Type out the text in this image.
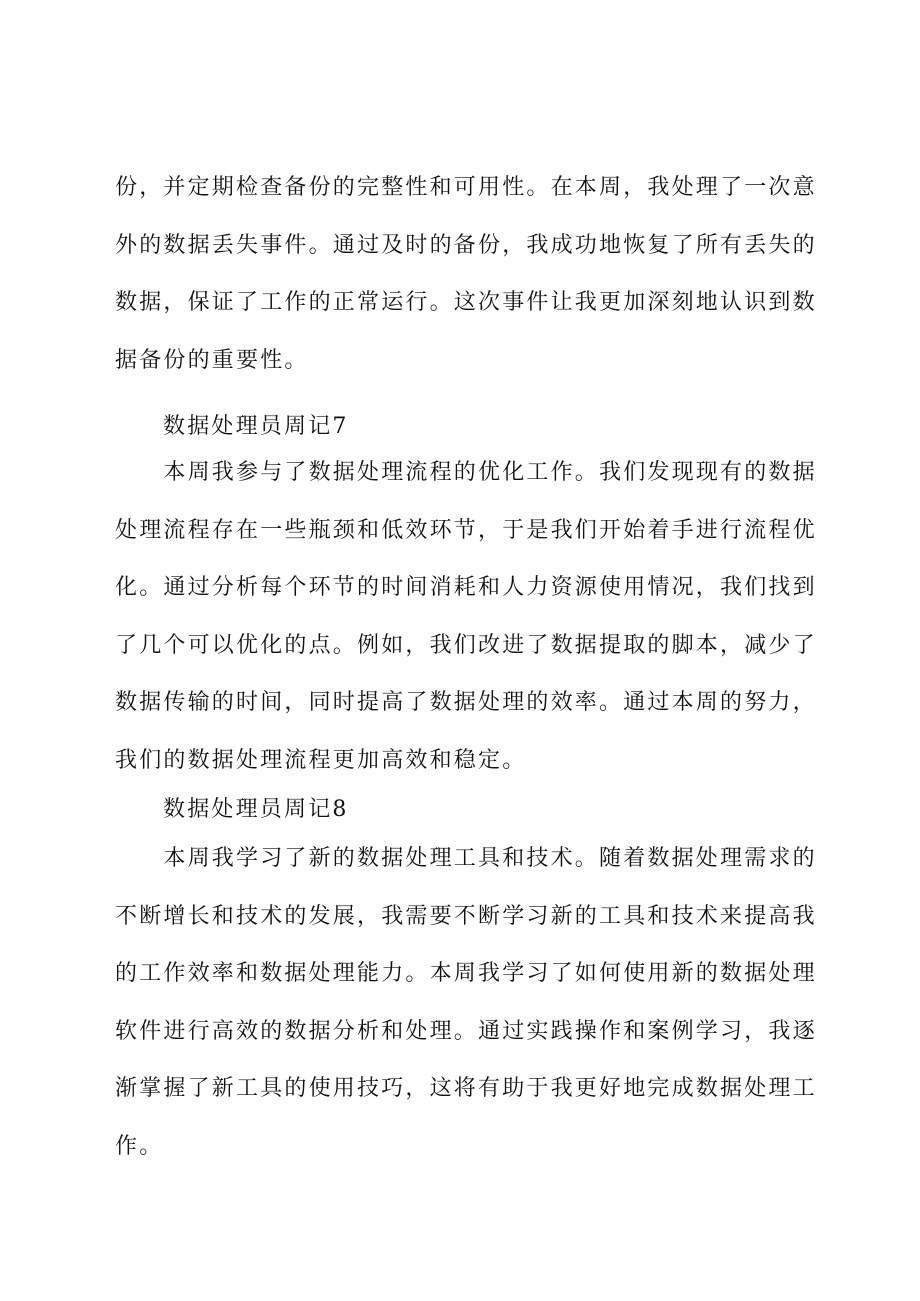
份，并定期检查备份的完整性和可用性。在本周，我处理了一次意
外的数据丢失事件。通过及时的备份，我成功地恢复了所有丢失的
数据，保证了工作的正常运行。这次事件让我更加深刻地认识到数
据备份的重要性。
数据处理员周记7
　　本周我参与了数据处理流程的优化工作。我们发现现有的数据
处理流程存在一些瓶颈和低效环节，于是我们开始着手进行流程优
化。通过分析每个环节的时间消耗和人力资源使用情况，我们找到
了几个可以优化的点。例如，我们改进了数据提取的脚本，减少了
数据传输的时间，同时提高了数据处理的效率。通过本周的努力，
我们的数据处理流程更加高效和稳定。
数据处理员周记8
　　本周我学习了新的数据处理工具和技术。随着数据处理需求的
不断增长和技术的发展，我需要不断学习新的工具和技术来提高我
的工作效率和数据处理能力。本周我学习了如何使用新的数据处理
软件进行高效的数据分析和处理。通过实践操作和案例学习，我逐
渐掌握了新工具的使用技巧，这将有助于我更好地完成数据处理工
作。
